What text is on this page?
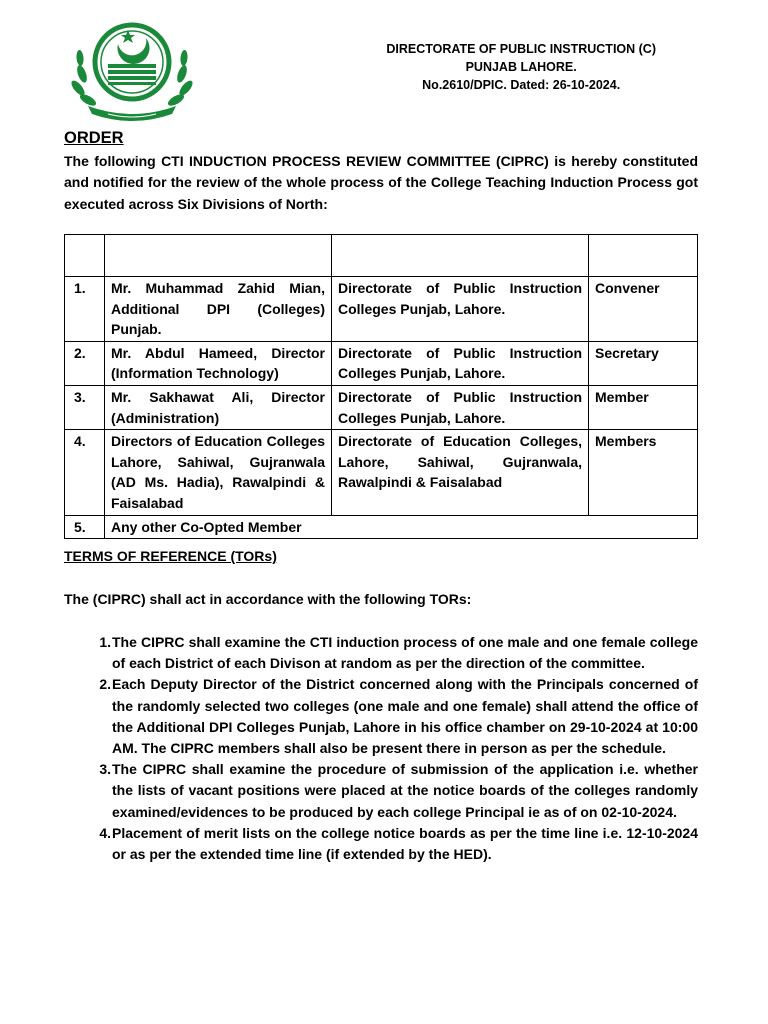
DIRECTORATE OF PUBLIC INSTRUCTION (C)
PUNJAB LAHORE.
No.2610/DPIC. Dated: 26-10-2024.
ORDER
The following CTI INDUCTION PROCESS REVIEW COMMITTEE (CIPRC) is hereby constituted and notified for the review of the whole process of the College Teaching Induction Process got executed across Six Divisions of North:

1.	Mr. Muhammad Zahid Mian, Additional DPI (Colleges) Punjab.	Directorate of Public Instruction Colleges Punjab, Lahore.	Convener
2.	Mr. Abdul Hameed, Director (Information Technology)	Directorate of Public Instruction Colleges Punjab, Lahore.	Secretary
3.	Mr. Sakhawat Ali, Director (Administration)	Directorate of Public Instruction Colleges Punjab, Lahore.	Member
4.	Directors of Education Colleges Lahore, Sahiwal, Gujranwala (AD Ms. Hadia), Rawalpindi & Faisalabad	Directorate of Education Colleges, Lahore, Sahiwal, Gujranwala, Rawalpindi & Faisalabad	Members
5.	Any other Co-Opted Member		
TERMS OF REFERENCE (TORs)
The (CIPRC) shall act in accordance with the following TORs:
1. The CIPRC shall examine the CTI induction process of one male and one female college of each District of each Divison at random as per the direction of the committee.
2. Each Deputy Director of the District concerned along with the Principals concerned of the randomly selected two colleges (one male and one female) shall attend the office of the Additional DPI Colleges Punjab, Lahore in his office chamber on 29-10-2024 at 10:00 AM. The CIPRC members shall also be present there in person as per the schedule.
3. The CIPRC shall examine the procedure of submission of the application i.e. whether the lists of vacant positions were placed at the notice boards of the colleges randomly examined/evidences to be produced by each college Principal ie as of on 02-10-2024.
4. Placement of merit lists on the college notice boards as per the time line i.e. 12-10-2024 or as per the extended time line (if extended by the HED).
